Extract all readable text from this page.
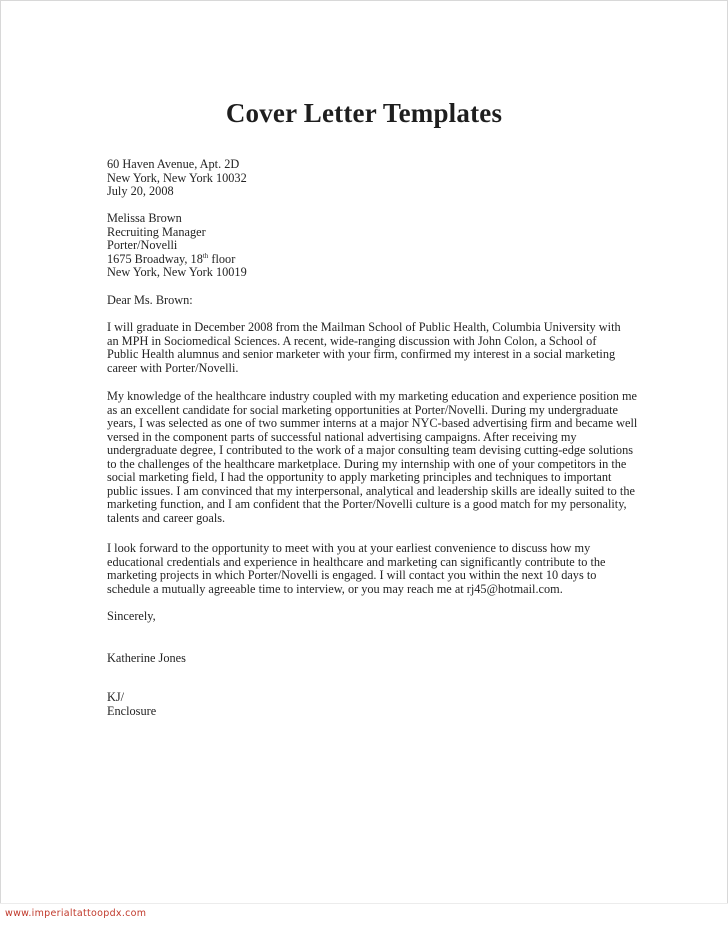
Cover Letter Templates
60 Haven Avenue, Apt. 2D
New York, New York 10032
July 20, 2008
Melissa Brown
Recruiting Manager
Porter/Novelli
1675 Broadway, 18th floor
New York, New York 10019
Dear Ms. Brown:
I will graduate in December 2008 from the Mailman School of Public Health, Columbia University with
an MPH in Sociomedical Sciences. A recent, wide-ranging discussion with John Colon, a School of
Public Health alumnus and senior marketer with your firm, confirmed my interest in a social marketing
career with Porter/Novelli.
My knowledge of the healthcare industry coupled with my marketing education and experience position me
as an excellent candidate for social marketing opportunities at Porter/Novelli. During my undergraduate
years, I was selected as one of two summer interns at a major NYC-based advertising firm and became well
versed in the component parts of successful national advertising campaigns. After receiving my
undergraduate degree, I contributed to the work of a major consulting team devising cutting-edge solutions
to the challenges of the healthcare marketplace. During my internship with one of your competitors in the
social marketing field, I had the opportunity to apply marketing principles and techniques to important
public issues. I am convinced that my interpersonal, analytical and leadership skills are ideally suited to the
marketing function, and I am confident that the Porter/Novelli culture is a good match for my personality,
talents and career goals.
I look forward to the opportunity to meet with you at your earliest convenience to discuss how my
educational credentials and experience in healthcare and marketing can significantly contribute to the
marketing projects in which Porter/Novelli is engaged. I will contact you within the next 10 days to
schedule a mutually agreeable time to interview, or you may reach me at rj45@hotmail.com.
Sincerely,
Katherine Jones
KJ/
Enclosure
www.imperialtattoopdx.com
